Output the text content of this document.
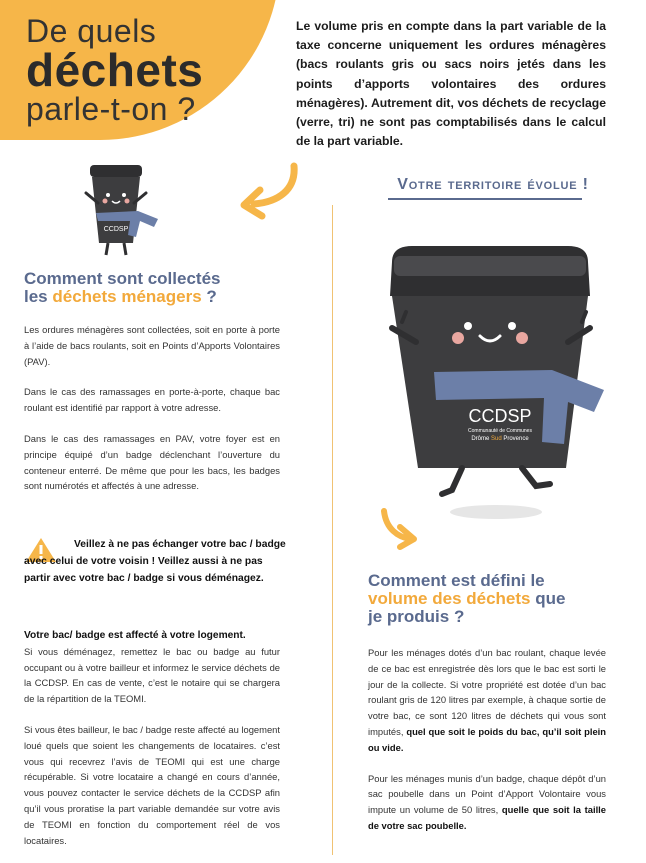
De quels
déchets
parle-t-on ?
Le volume pris en compte dans la part variable de la taxe concerne uniquement les ordures ménagères (bacs roulants gris ou sacs noirs jetés dans les points d’apports volontaires des ordures ménagères). Autrement dit, vos déchets de recyclage (verre, tri) ne sont pas comptabilisés dans le calcul de la part variable.
CCDSP
Votre territoire évolue !
CCDSP
Communauté de Communes
Drôme Sud Provence
Comment sont collectés
les déchets ménagers ?

Les ordures ménagères sont collectées, soit en porte à porte à l’aide de bacs roulants, soit en Points d’Apports Volontaires (PAV).

Dans le cas des ramassages en porte-à-porte, chaque bac roulant est identifié par rapport à votre adresse.

Dans le cas des ramassages en PAV, votre foyer est en principe équipé d’un badge déclenchant l’ouverture du conteneur enterré. De même que pour les bacs, les badges sont numérotés et affectés à une adresse.

Veillez à ne pas échanger votre bac / badge avec celui de votre voisin ! Veillez aussi à ne pas partir avec votre bac / badge si vous déménagez.

Votre bac/ badge est affecté à votre logement.

Si vous déménagez, remettez le bac ou badge au futur occupant ou à votre bailleur et informez le service déchets de la CCDSP. En cas de vente, c’est le notaire qui se chargera de la répartition de la TEOMI.

Si vous êtes bailleur, le bac / badge reste affecté au logement loué quels que soient les changements de locataires. c’est vous qui recevrez l’avis de TEOMI qui est une charge récupérable. Si votre locataire a changé en cours d’année, vous pouvez contacter le service déchets de la CCDSP afin qu’il vous proratise la part variable demandée sur votre avis de TEOMI en fonction du comportement réel de vos locataires.

Comment est défini le
volume des déchets que
je produis ?

Pour les ménages dotés d’un bac roulant, chaque levée de ce bac est enregistrée dès lors que le bac est sorti le jour de la collecte. Si votre propriété est dotée d’un bac roulant gris de 120 litres par exemple, à chaque sortie de votre bac, ce sont 120 litres de déchets qui vous sont imputés, quel que soit le poids du bac, qu’il soit plein ou vide.

Pour les ménages munis d’un badge, chaque dépôt d’un sac poubelle dans un Point d’Apport Volontaire vous impute un volume de 50 litres, quelle que soit la taille de votre sac poubelle.
